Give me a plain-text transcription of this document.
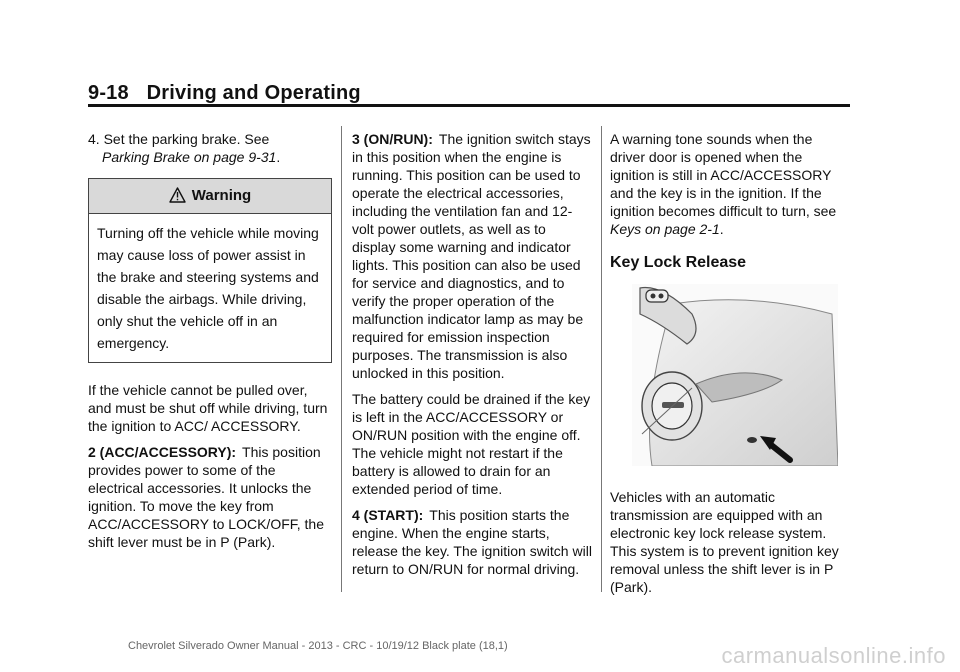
9-18 Driving and Operating
4. Set the parking brake. See
Parking Brake on page 9-31.
Warning
Turning off the vehicle while moving may cause loss of power assist in the brake and steering systems and disable the airbags. While driving, only shut the vehicle off in an emergency.

If the vehicle cannot be pulled over, and must be shut off while driving, turn the ignition to ACC/ ACCESSORY.

2 (ACC/ACCESSORY): This position provides power to some of the electrical accessories. It unlocks the ignition. To move the key from ACC/ACCESSORY to LOCK/OFF, the shift lever must be in P (Park).

3 (ON/RUN): The ignition switch stays in this position when the engine is running. This position can be used to operate the electrical accessories, including the ventilation fan and 12-volt power outlets, as well as to display some warning and indicator lights. This position can also be used for service and diagnostics, and to verify the proper operation of the malfunction indicator lamp as may be required for emission inspection purposes. The transmission is also unlocked in this position.

The battery could be drained if the key is left in the ACC/ACCESSORY or ON/RUN position with the engine off. The vehicle might not restart if the battery is allowed to drain for an extended period of time.

4 (START): This position starts the engine. When the engine starts, release the key. The ignition switch will return to ON/RUN for normal driving.

A warning tone sounds when the driver door is opened when the ignition is still in ACC/ACCESSORY and the key is in the ignition. If the ignition becomes difficult to turn, see Keys on page 2-1.

Key Lock Release

Vehicles with an automatic transmission are equipped with an electronic key lock release system. This system is to prevent ignition key removal unless the shift lever is in P (Park).

Chevrolet Silverado Owner Manual - 2013 - CRC - 10/19/12 Black plate (18,1)	carmanualsonline.info
